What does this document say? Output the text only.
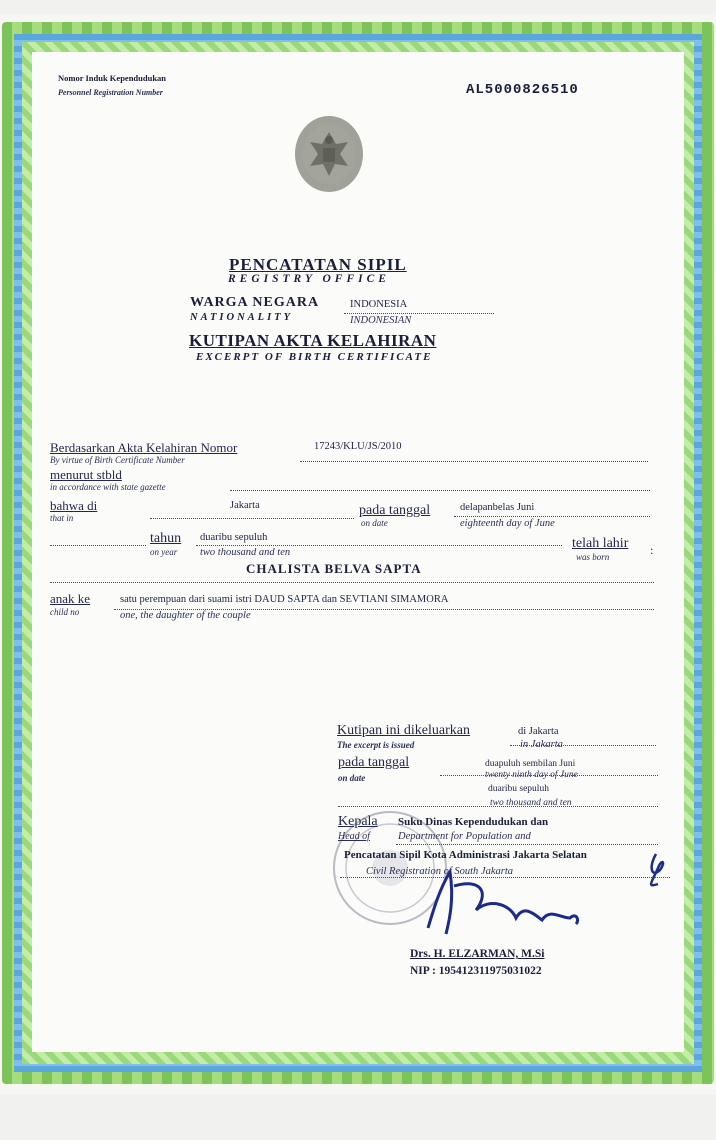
Nomor Induk Kependudukan
Personnel Registration Number	AL5000826510
PENCATATAN SIPIL
REGISTRY OFFICE
WARGA NEGARA
NATIONALITY
INDONESIA
INDONESIAN
KUTIPAN AKTA KELAHIRAN
EXCERPT OF BIRTH CERTIFICATE
Berdasarkan Akta Kelahiran Nomor
By virtue of Birth Certificate Number
17243/KLU/JS/2010
menurut stbld
in accordance with state gazette
bahwa di
that in
Jakarta	pada tanggal
on date
delapanbelas Juni
eighteenth day of June
tahun
on year
duaribu sepuluh
two thousand and ten
telah lahir
was born	:
CHALISTA BELVA SAPTA
anak ke
child no
satu perempuan dari suami istri DAUD SAPTA dan SEVTIANI SIMAMORA
one, the daughter of the couple
Kutipan ini dikeluarkan
The excerpt is issued
di Jakarta
in Jakarta
pada tanggal
on date
duapuluh sembilan Juni
twenty ninth day of June
duaribu sepuluh
two thousand and ten
Kepala
Head of
Suku Dinas Kependudukan dan
Department for Population and
Pencatatan Sipil Kota Administrasi Jakarta Selatan
Civil Registration of South Jakarta
Drs. H. ELZARMAN, M.Si
NIP : 195412311975031022
